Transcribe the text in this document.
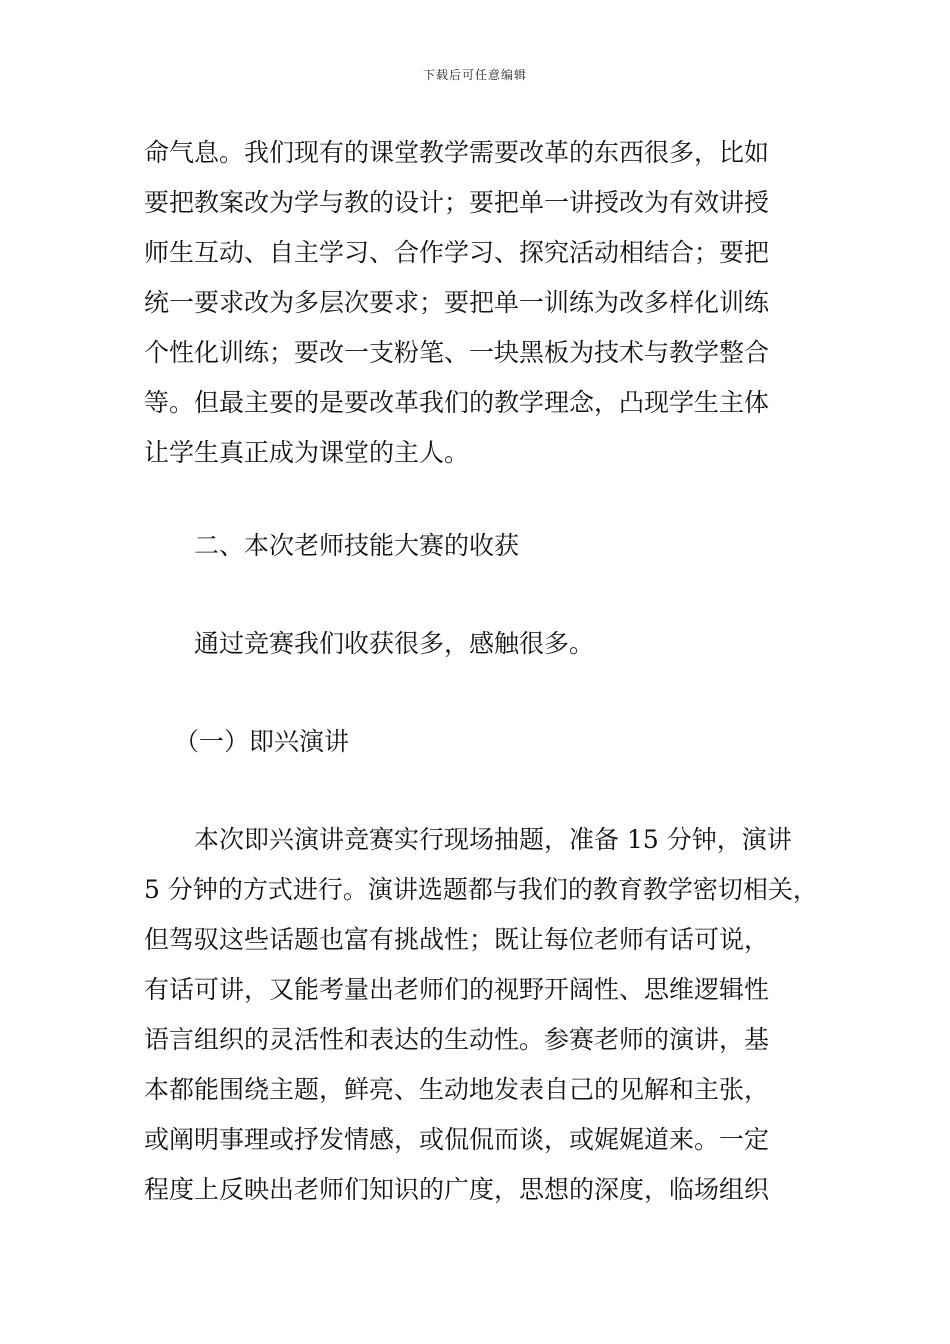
下载后可任意编辑
命气息。我们现有的课堂教学需要改革的东西很多，比如
要把教案改为学与教的设计；要把单一讲授改为有效讲授
师生互动、自主学习、合作学习、探究活动相结合；要把
统一要求改为多层次要求；要把单一训练为改多样化训练
个性化训练；要改一支粉笔、一块黑板为技术与教学整合
等。但最主要的是要改革我们的教学理念，凸现学生主体
让学生真正成为课堂的主人。
二、本次老师技能大赛的收获
通过竞赛我们收获很多，感触很多。
（一）即兴演讲
本次即兴演讲竞赛实行现场抽题，准备 15 分钟，演讲
5 分钟的方式进行。演讲选题都与我们的教育教学密切相关，
但驾驭这些话题也富有挑战性；既让每位老师有话可说，
有话可讲，又能考量出老师们的视野开阔性、思维逻辑性
语言组织的灵活性和表达的生动性。参赛老师的演讲，基
本都能围绕主题，鲜亮、生动地发表自己的见解和主张，
或阐明事理或抒发情感，或侃侃而谈，或娓娓道来。一定
程度上反映出老师们知识的广度，思想的深度，临场组织
